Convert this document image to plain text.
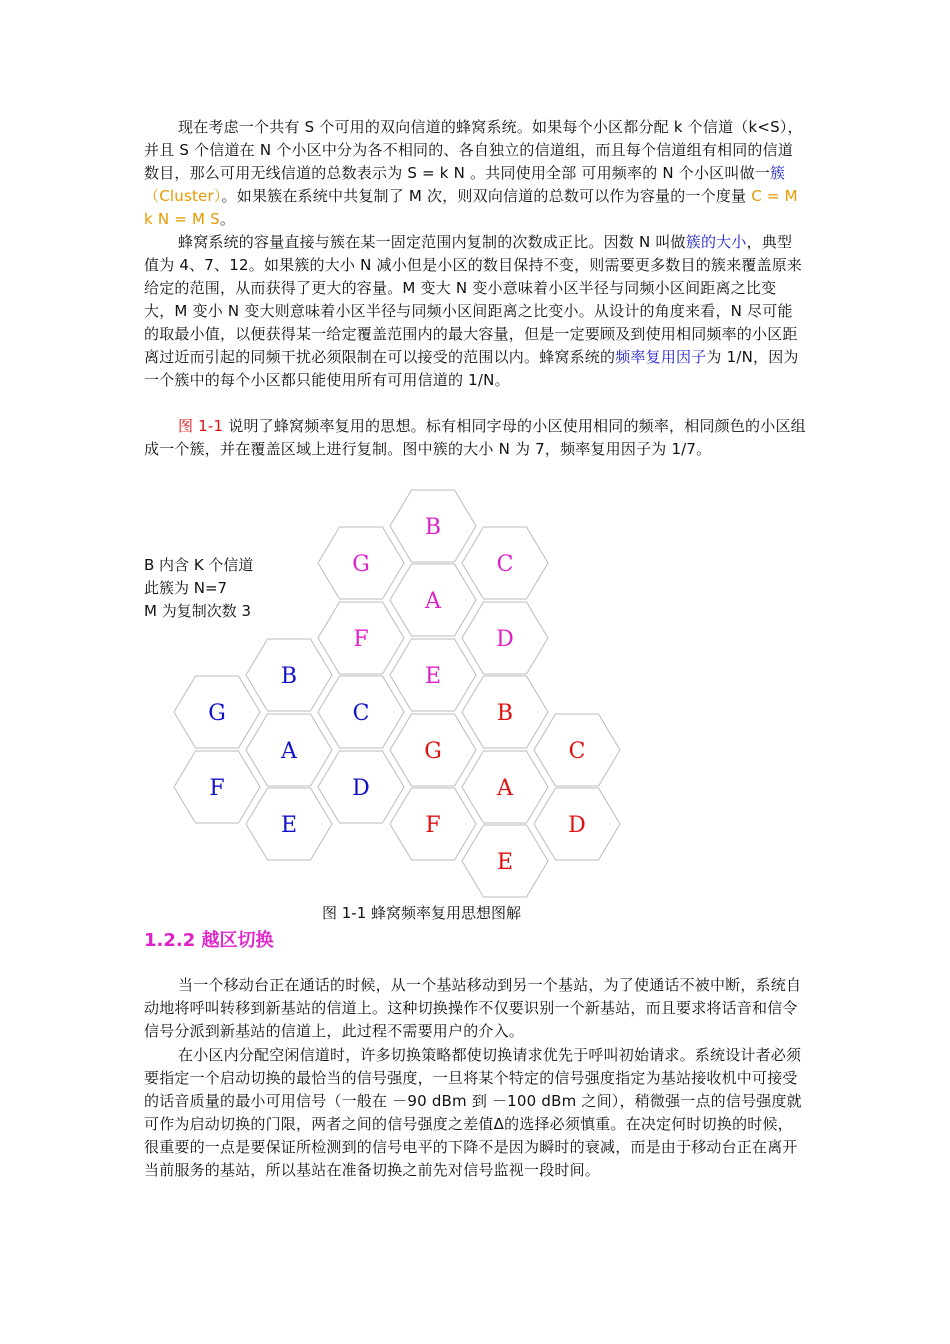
现在考虑一个共有 S 个可用的双向信道的蜂窝系统。如果每个小区都分配 k 个信道（k<S），并且 S 个信道在 N 个小区中分为各不相同的、各自独立的信道组，而且每个信道组有相同的信道数目，那么可用无线信道的总数表示为 S = k N 。共同使用全部 可用频率的 N 个小区叫做一簇（Cluster）。如果簇在系统中共复制了 M 次，则双向信道的总数可以作为容量的一个度量 C = M k N = M S。

蜂窝系统的容量直接与簇在某一固定范围内复制的次数成正比。因数 N 叫做簇的大小，典型值为 4、7、12。如果簇的大小 N 减小但是小区的数目保持不变，则需要更多数目的簇来覆盖原来给定的范围，从而获得了更大的容量。M 变大 N 变小意味着小区半径与同频小区间距离之比变大，M 变小 N 变大则意味着小区半径与同频小区间距离之比变小。从设计的角度来看，N 尽可能的取最小值，以便获得某一给定覆盖范围内的最大容量，但是一定要顾及到使用相同频率的小区距离过近而引起的同频干扰必须限制在可以接受的范围以内。蜂窝系统的频率复用因子为 1/N，因为一个簇中的每个小区都只能使用所有可用信道的 1/N。

图 1-1 说明了蜂窝频率复用的思想。标有相同字母的小区使用相同的频率，相同颜色的小区组成一个簇，并在覆盖区域上进行复制。图中簇的大小 N 为 7，频率复用因子为 1/7。

B 内含 K 个信道
此簇为 N=7
M 为复制次数 3
B
G	C
A
F	D
E
B
G	C
A
F	D
E
B
G	C
A
F	D
E
图 1-1 蜂窝频率复用思想图解
1.2.2 越区切换

当一个移动台正在通话的时候，从一个基站移动到另一个基站，为了使通话不被中断，系统自动地将呼叫转移到新基站的信道上。这种切换操作不仅要识别一个新基站，而且要求将话音和信令信号分派到新基站的信道上，此过程不需要用户的介入。

在小区内分配空闲信道时，许多切换策略都使切换请求优先于呼叫初始请求。系统设计者必须要指定一个启动切换的最恰当的信号强度，一旦将某个特定的信号强度指定为基站接收机中可接受的话音质量的最小可用信号（一般在 －90 dBm 到 －100 dBm 之间），稍微强一点的信号强度就可作为启动切换的门限，两者之间的信号强度之差值Δ的选择必须慎重。在决定何时切换的时候，很重要的一点是要保证所检测到的信号电平的下降不是因为瞬时的衰减，而是由于移动台正在离开当前服务的基站，所以基站在准备切换之前先对信号监视一段时间。
